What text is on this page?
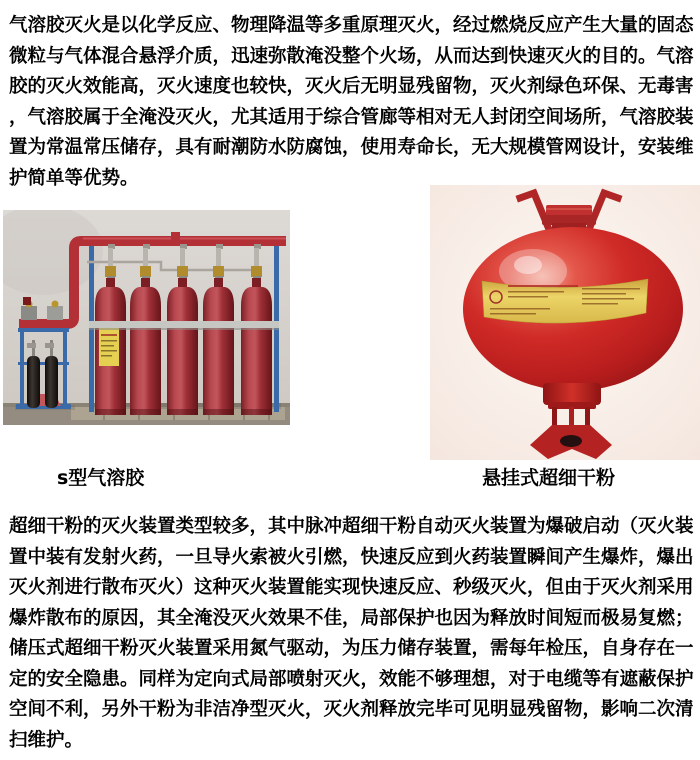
气溶胶灭火是以化学反应、物理降温等多重原理灭火，经过燃烧反应产生大量的固态
微粒与气体混合悬浮介质，迅速弥散淹没整个火场，从而达到快速灭火的目的。气溶
胶的灭火效能高，灭火速度也较快，灭火后无明显残留物，灭火剂绿色环保、无毒害
，气溶胶属于全淹没灭火，尤其适用于综合管廊等相对无人封闭空间场所，气溶胶装
置为常温常压储存，具有耐潮防水防腐蚀，使用寿命长，无大规模管网设计，安装维
护简单等优势。
s型气溶胶	悬挂式超细干粉
超细干粉的灭火装置类型较多，其中脉冲超细干粉自动灭火装置为爆破启动（灭火装
置中装有发射火药，一旦导火索被火引燃，快速反应到火药装置瞬间产生爆炸，爆出
灭火剂进行散布灭火）这种灭火装置能实现快速反应、秒级灭火，但由于灭火剂采用
爆炸散布的原因，其全淹没灭火效果不佳，局部保护也因为释放时间短而极易复燃；
储压式超细干粉灭火装置采用氮气驱动，为压力储存装置，需每年检压，自身存在一
定的安全隐患。同样为定向式局部喷射灭火，效能不够理想，对于电缆等有遮蔽保护
空间不利，另外干粉为非洁净型灭火，灭火剂释放完毕可见明显残留物，影响二次清
扫维护。
